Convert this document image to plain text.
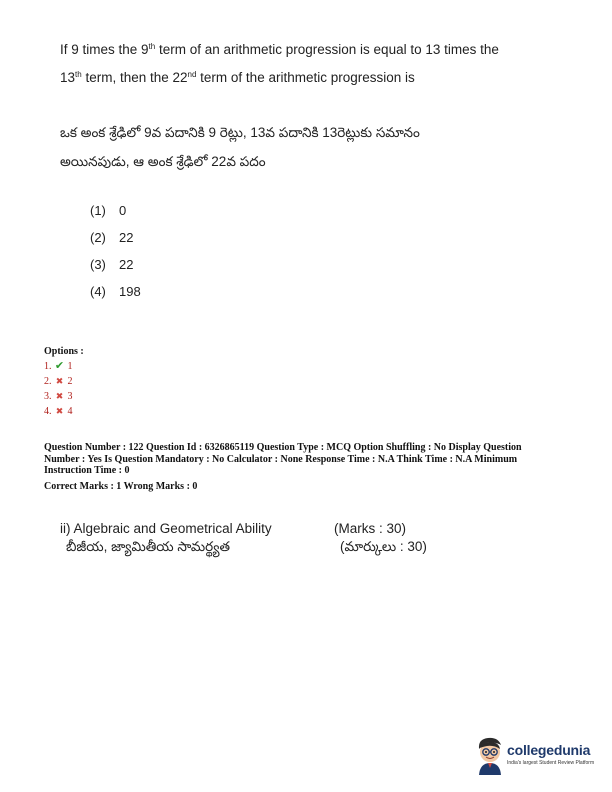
If 9 times the 9th term of an arithmetic progression is equal to 13 times the

13th term, then the 22nd term of the arithmetic progression is

ఒక అంక శ్రేఢిలో 9వ పదానికి 9 రెట్లు, 13వ పదానికి 13రెట్లుకు సమానం

అయినపుడు, ఆ అంక శ్రేఢిలో 22వ పదం

(1)	0
(2)	22
(3)	22
(4)	198
Options :
1. ✔ 1
2. ✖ 2
3. ✖ 3
4. ✖ 4

Question Number : 122 Question Id : 6326865119 Question Type : MCQ Option Shuffling : No Display Question

Number : Yes Is Question Mandatory : No Calculator : None Response Time : N.A Think Time : N.A Minimum

Instruction Time : 0

Correct Marks : 1 Wrong Marks : 0

ii) Algebraic and Geometrical Ability	(Marks : 30)
బీజీయ, జ్యామితీయ సామర్థ్యత	(మార్కులు : 30)
collegedunia
India's largest Student Review Platform
